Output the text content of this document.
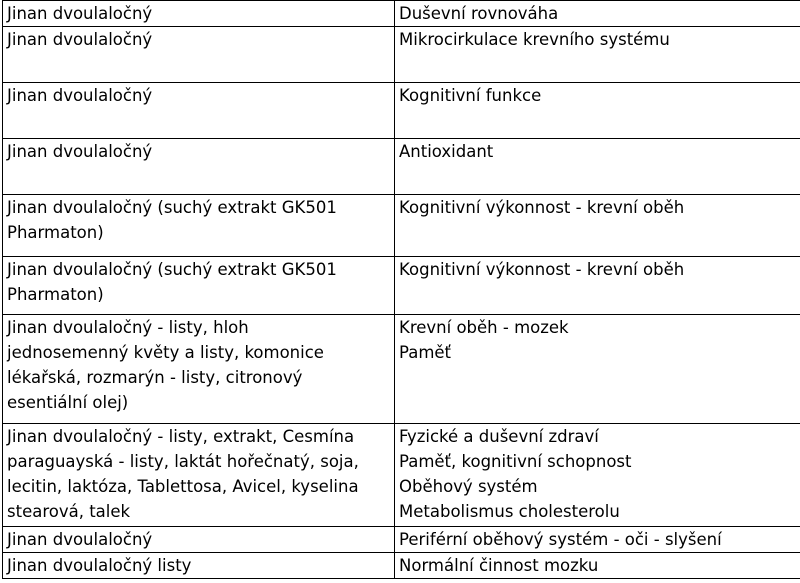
Jinan dvoulaločný	Duševní rovnováha

Jinan dvoulaločný	Mikrocirkulace krevního systému

Jinan dvoulaločný	Kognitivní funkce

Jinan dvoulaločný	Antioxidant

Jinan dvoulaločný (suchý extrakt GK501
Pharmaton)	Kognitivní výkonnost - krevní oběh

Jinan dvoulaločný (suchý extrakt GK501
Pharmaton)	Kognitivní výkonnost - krevní oběh

Jinan dvoulaločný - listy, hloh
jednosemenný květy a listy, komonice
lékařská, rozmarýn - listy, citronový
esentiální olej)	Krevní oběh - mozek
Paměť

Jinan dvoulaločný - listy, extrakt, Cesmína
paraguayská - listy, laktát hořečnatý, soja,
lecitin, laktóza, Tablettosa, Avicel, kyselina
stearová, talek	Fyzické a duševní zdraví
Paměť, kognitivní schopnost
Oběhový systém
Metabolismus cholesterolu

Jinan dvoulaločný	Periférní oběhový systém - oči - slyšení

Jinan dvoulaločný listy	Normální činnost mozku
